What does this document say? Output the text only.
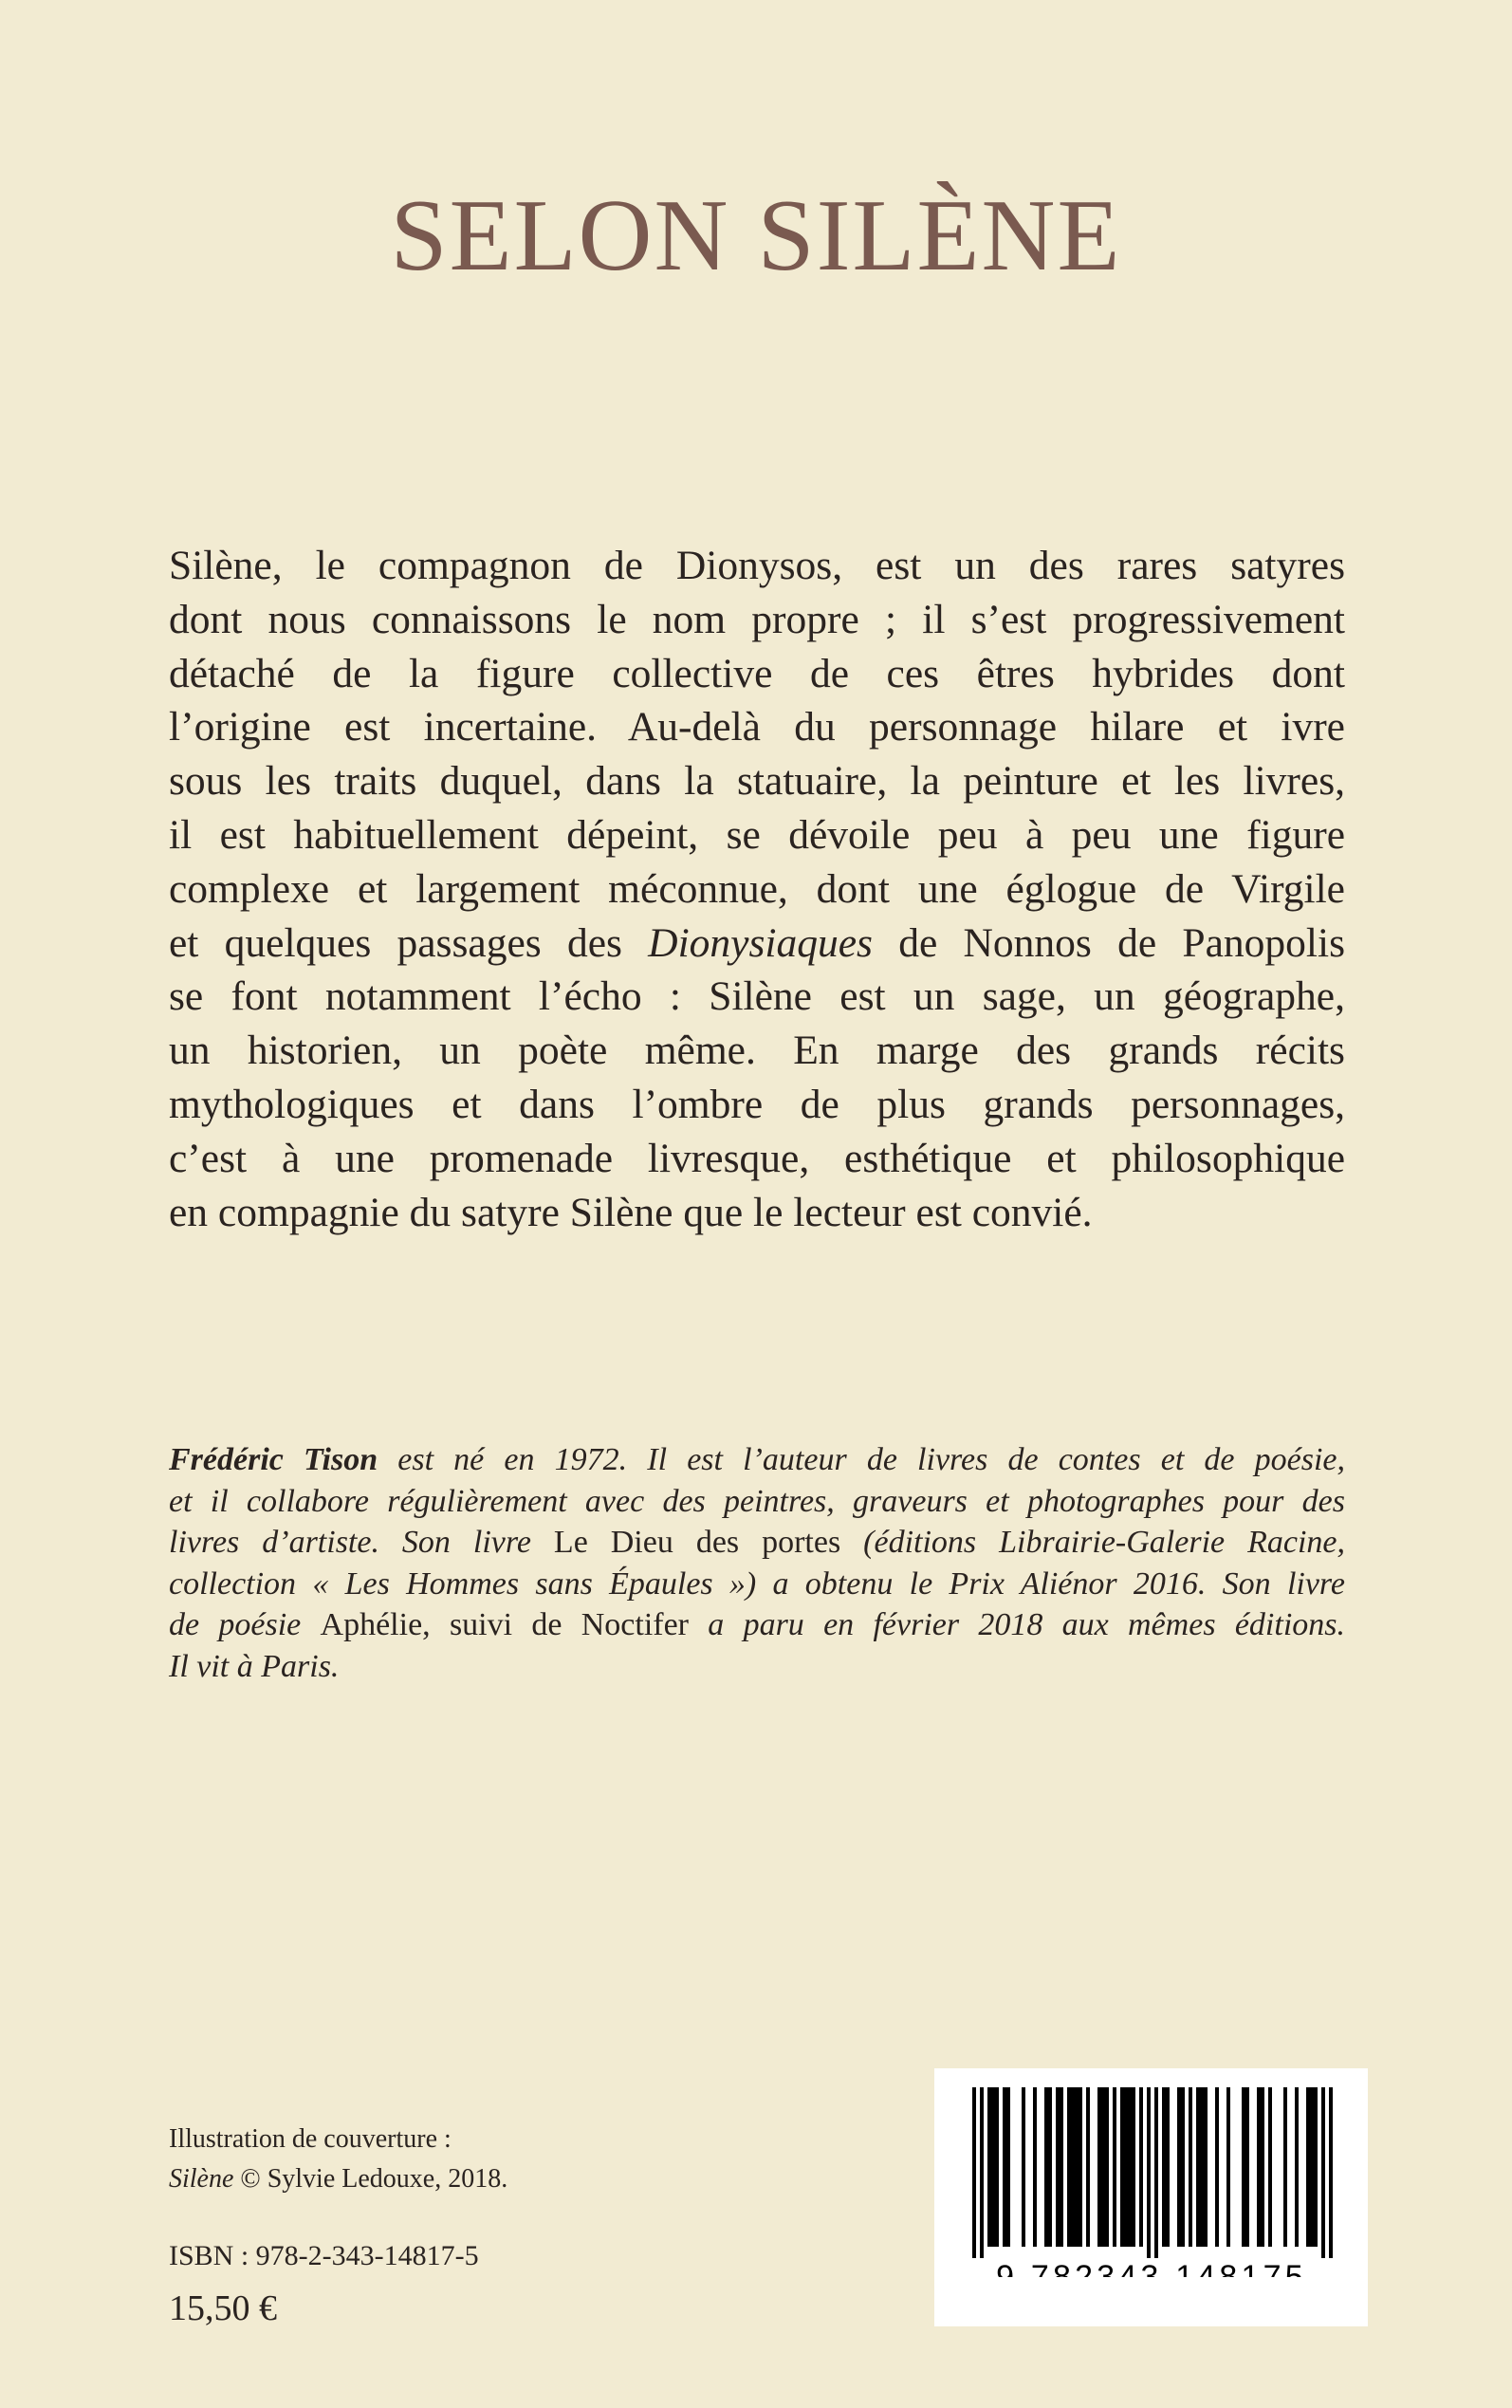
SELON SILÈNE
Silène, le compagnon de Dionysos, est un des rares satyres
dont nous connaissons le nom propre ; il s’est progressivement
détaché de la figure collective de ces êtres hybrides dont
l’origine est incertaine. Au-delà du personnage hilare et ivre
sous les traits duquel, dans la statuaire, la peinture et les livres,
il est habituellement dépeint, se dévoile peu à peu une figure
complexe et largement méconnue, dont une églogue de Virgile
et quelques passages des Dionysiaques de Nonnos de Panopolis
se font notamment l’écho : Silène est un sage, un géographe,
un historien, un poète même. En marge des grands récits
mythologiques et dans l’ombre de plus grands personnages,
c’est à une promenade livresque, esthétique et philosophique
en compagnie du satyre Silène que le lecteur est convié.
Frédéric Tison est né en 1972. Il est l’auteur de livres de contes et de poésie,
et il collabore régulièrement avec des peintres, graveurs et photographes pour des
livres d’artiste. Son livre Le Dieu des portes (éditions Librairie-Galerie Racine,
collection « Les Hommes sans Épaules ») a obtenu le Prix Aliénor 2016. Son livre
de poésie Aphélie, suivi de Noctifer a paru en février 2018 aux mêmes éditions.
Il vit à Paris.
Illustration de couverture :
Silène © Sylvie Ledouxe, 2018.
ISBN : 978-2-343-14817-5
15,50 €
